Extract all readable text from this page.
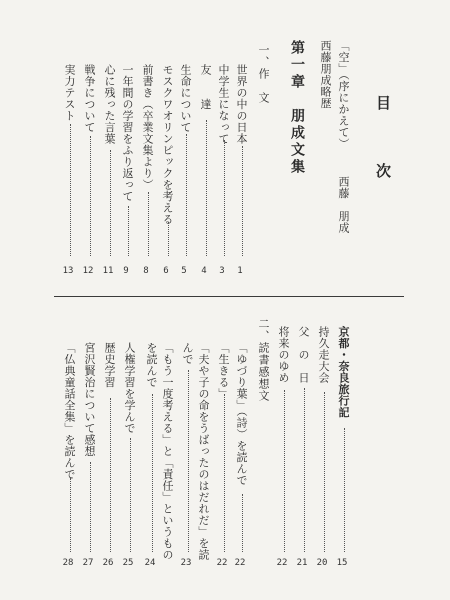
目
次
「空」（序にかえて）
西藤　朋成
西藤朋成略歴
第一章　朋成文集
一、作　文
世界の中の日本
1
中学生になって
3
友　　達
4
生命について
5
モスクワオリンピックを考える
6
前書き（卒業文集より）
8
一年間の学習をふり返って
9
心に残った言葉
11
戦争について
12
実力テスト
13
京都・奈良旅行記
15
持久走大会
20
父　の　日
21
将来のゆめ
22
二、読書感想文
「ゆづり葉」（詩）を読んで
22
「生きる」
22
「夫や子の命をうばったのはだれだ」を読
んで
23
「もう一度考える」と「責任」というもの
を読んで
24
人権学習を学んで
25
歴史学習
26
宮沢賢治について感想
27
「仏典童話全集」を読んで
28
